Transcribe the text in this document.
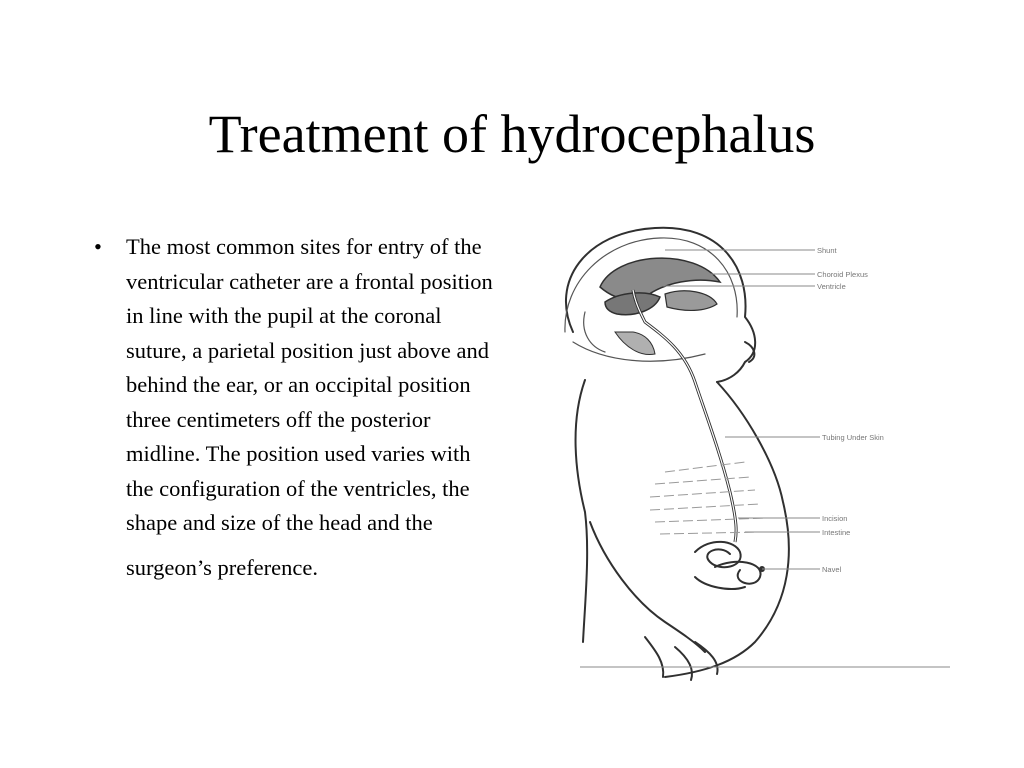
Treatment of hydrocephalus
• The most common sites for entry of the ventricular catheter are a frontal position in line with the pupil at the coronal suture, a parietal position just above and behind the ear, or an occipital position three centimeters off the posterior midline. The position used varies with the configuration of the ventricles, the shape and size of the head and the
surgeon’s preference.
Shunt
Choroid Plexus
Ventricle
Tubing Under Skin
Incision
Intestine
Navel
